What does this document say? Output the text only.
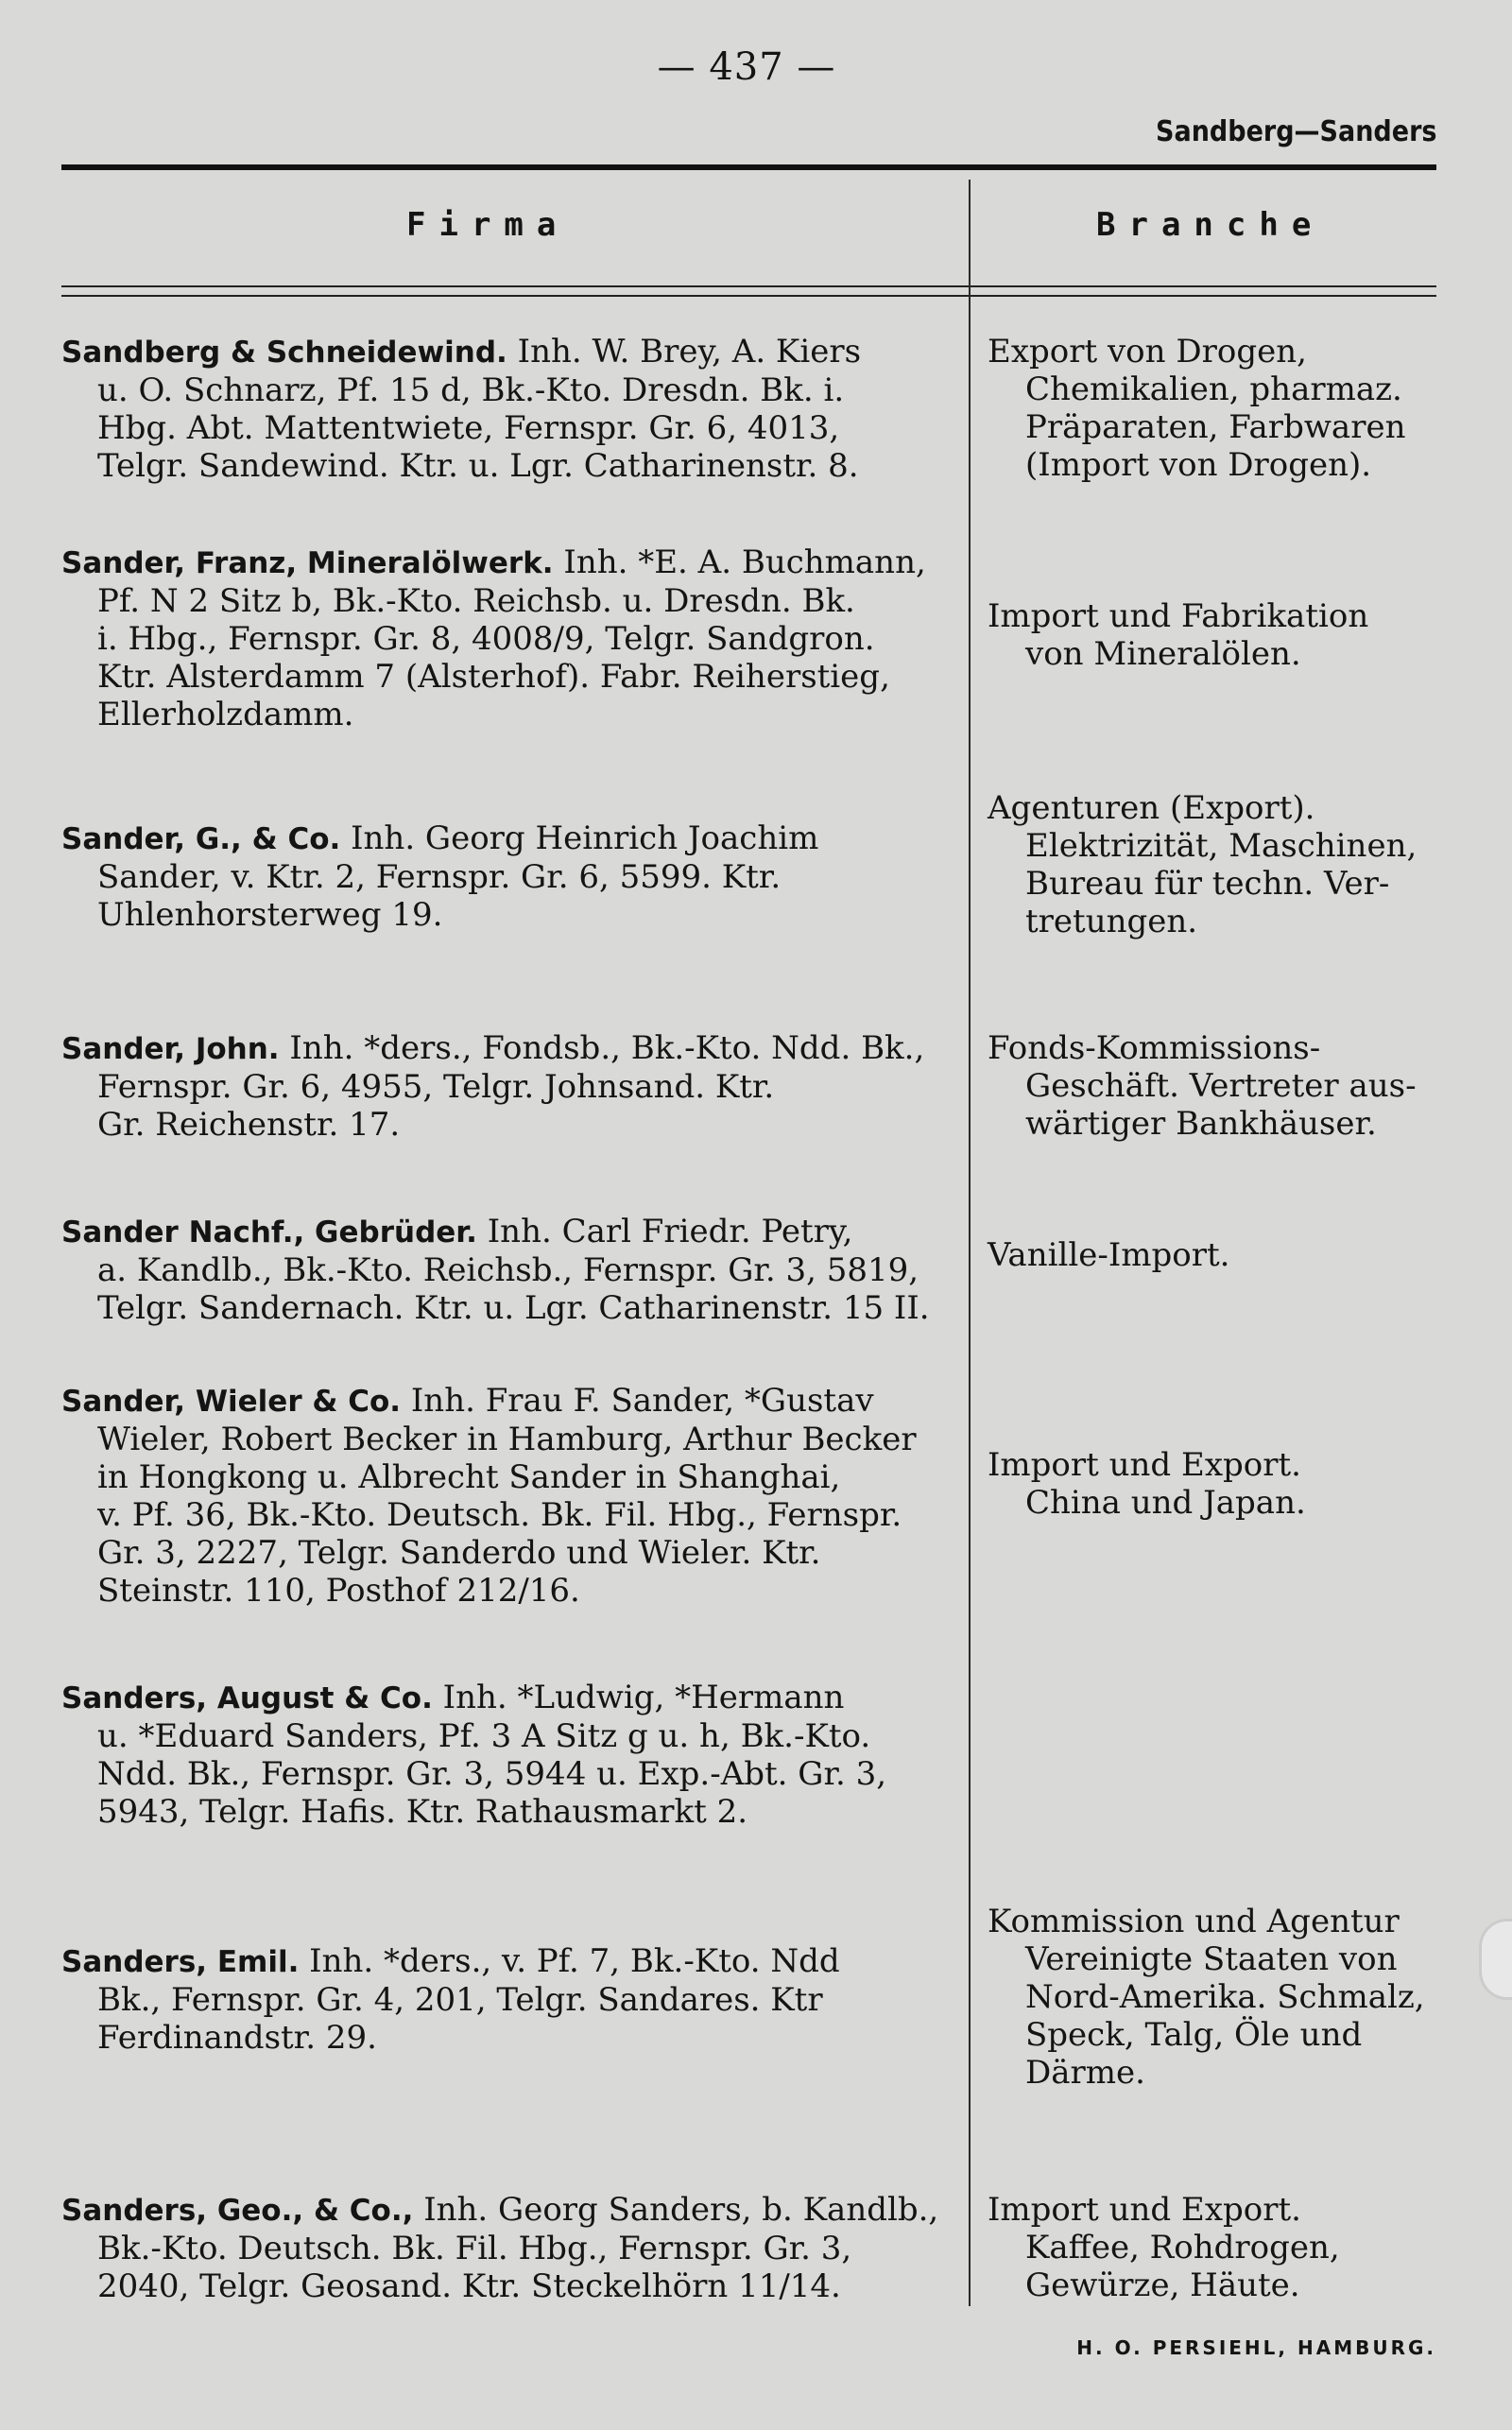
— 437 —
Sandberg—Sanders
Firma	Branche
Sandberg & Schneidewind. Inh. W. Brey, A. Kiers
u. O. Schnarz, Pf. 15 d, Bk.-Kto. Dresdn. Bk. i.
Hbg. Abt. Mattentwiete, Fernspr. Gr. 6, 4013,
Telgr. Sandewind. Ktr. u. Lgr. Catharinenstr. 8.
Export von Drogen,
Chemikalien, pharmaz.
Präparaten, Farbwaren
(Import von Drogen).
Sander, Franz, Mineralölwerk. Inh. *E. A. Buchmann,
Pf. N 2 Sitz b, Bk.-Kto. Reichsb. u. Dresdn. Bk.
i. Hbg., Fernspr. Gr. 8, 4008/9, Telgr. Sandgron.
Ktr. Alsterdamm 7 (Alsterhof). Fabr. Reiherstieg,
Ellerholzdamm.
Import und Fabrikation
von Mineralölen.
Sander, G., & Co. Inh. Georg Heinrich Joachim
Sander, v. Ktr. 2, Fernspr. Gr. 6, 5599. Ktr.
Uhlenhorsterweg 19.
Agenturen (Export).
Elektrizität, Maschinen,
Bureau für techn. Ver-
tretungen.
Sander, John. Inh. *ders., Fondsb., Bk.-Kto. Ndd. Bk.,
Fernspr. Gr. 6, 4955, Telgr. Johnsand. Ktr.
Gr. Reichenstr. 17.
Fonds-Kommissions-
Geschäft. Vertreter aus-
wärtiger Bankhäuser.
Sander Nachf., Gebrüder. Inh. Carl Friedr. Petry,
a. Kandlb., Bk.-Kto. Reichsb., Fernspr. Gr. 3, 5819,
Telgr. Sandernach. Ktr. u. Lgr. Catharinenstr. 15 II.
Vanille-Import.
Sander, Wieler & Co. Inh. Frau F. Sander, *Gustav
Wieler, Robert Becker in Hamburg, Arthur Becker
in Hongkong u. Albrecht Sander in Shanghai,
v. Pf. 36, Bk.-Kto. Deutsch. Bk. Fil. Hbg., Fernspr.
Gr. 3, 2227, Telgr. Sanderdo und Wieler. Ktr.
Steinstr. 110, Posthof 212/16.
Import und Export.
China und Japan.
Sanders, August & Co. Inh. *Ludwig, *Hermann
u. *Eduard Sanders, Pf. 3 A Sitz g u. h, Bk.-Kto.
Ndd. Bk., Fernspr. Gr. 3, 5944 u. Exp.-Abt. Gr. 3,
5943, Telgr. Hafis. Ktr. Rathausmarkt 2.
Sanders, Emil. Inh. *ders., v. Pf. 7, Bk.-Kto. Ndd
Bk., Fernspr. Gr. 4, 201, Telgr. Sandares. Ktr
Ferdinandstr. 29.
Kommission und Agentur
Vereinigte Staaten von
Nord-Amerika. Schmalz,
Speck, Talg, Öle und
Därme.
Sanders, Geo., & Co., Inh. Georg Sanders, b. Kandlb.,
Bk.-Kto. Deutsch. Bk. Fil. Hbg., Fernspr. Gr. 3,
2040, Telgr. Geosand. Ktr. Steckelhörn 11/14.
Import und Export.
Kaffee, Rohdrogen,
Gewürze, Häute.
H. O. PERSIEHL, HAMBURG.
